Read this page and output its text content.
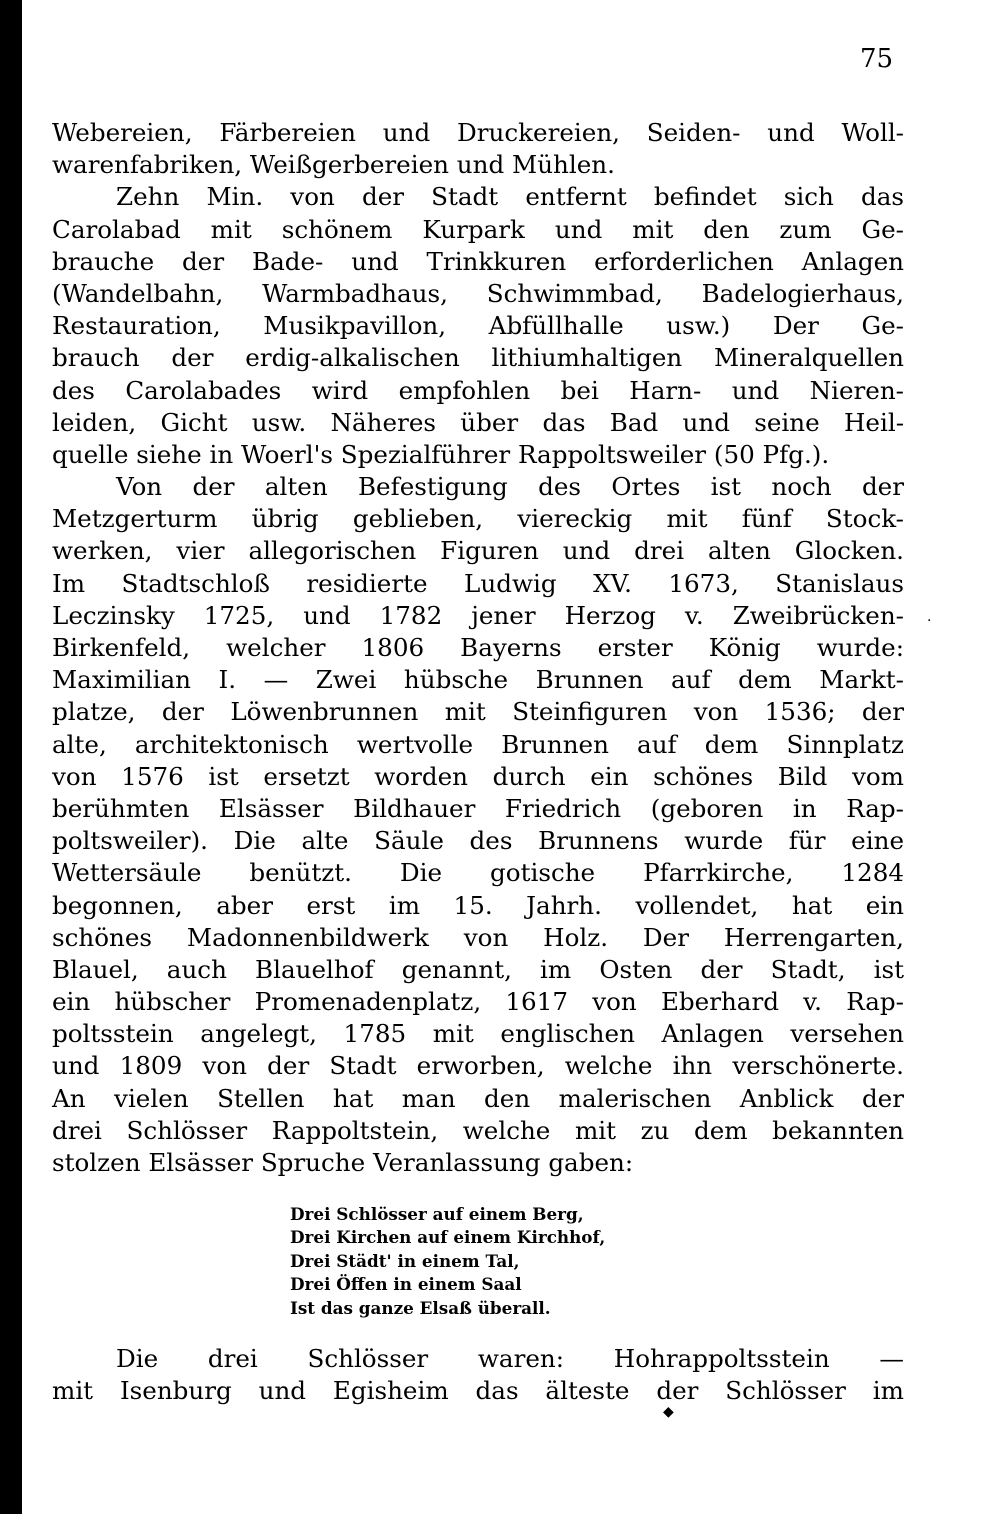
75
Webereien, Färbereien und Druckereien, Seiden- und Woll-
warenfabriken, Weißgerbereien und Mühlen.
Zehn Min. von der Stadt entfernt befindet sich das
Carolabad mit schönem Kurpark und mit den zum Ge-
brauche der Bade- und Trinkkuren erforderlichen Anlagen
(Wandelbahn, Warmbadhaus, Schwimmbad, Badelogierhaus,
Restauration, Musikpavillon, Abfüllhalle usw.) Der Ge-
brauch der erdig-alkalischen lithiumhaltigen Mineralquellen
des Carolabades wird empfohlen bei Harn- und Nieren-
leiden, Gicht usw. Näheres über das Bad und seine Heil-
quelle siehe in Woerl's Spezialführer Rappoltsweiler (50 Pfg.).
Von der alten Befestigung des Ortes ist noch der
Metzgerturm übrig geblieben, viereckig mit fünf Stock-
werken, vier allegorischen Figuren und drei alten Glocken.
Im Stadtschloß residierte Ludwig XV. 1673, Stanislaus
Leczinsky 1725, und 1782 jener Herzog v. Zweibrücken-
Birkenfeld, welcher 1806 Bayerns erster König wurde:
Maximilian I. — Zwei hübsche Brunnen auf dem Markt-
platze, der Löwenbrunnen mit Steinfiguren von 1536; der
alte, architektonisch wertvolle Brunnen auf dem Sinnplatz
von 1576 ist ersetzt worden durch ein schönes Bild vom
berühmten Elsässer Bildhauer Friedrich (geboren in Rap-
poltsweiler). Die alte Säule des Brunnens wurde für eine
Wettersäule benützt. Die gotische Pfarrkirche, 1284
begonnen, aber erst im 15. Jahrh. vollendet, hat ein
schönes Madonnenbildwerk von Holz. Der Herrengarten,
Blauel, auch Blauelhof genannt, im Osten der Stadt, ist
ein hübscher Promenadenplatz, 1617 von Eberhard v. Rap-
poltsstein angelegt, 1785 mit englischen Anlagen versehen
und 1809 von der Stadt erworben, welche ihn verschönerte.
An vielen Stellen hat man den malerischen Anblick der
drei Schlösser Rappoltstein, welche mit zu dem bekannten
stolzen Elsässer Spruche Veranlassung gaben:
Drei Schlösser auf einem Berg,
Drei Kirchen auf einem Kirchhof,
Drei Städt' in einem Tal,
Drei Öffen in einem Saal
Ist das ganze Elsaß überall.
Die drei Schlösser waren: Hohrappoltsstein —
mit Isenburg und Egisheim das älteste der Schlösser im
·
◆
